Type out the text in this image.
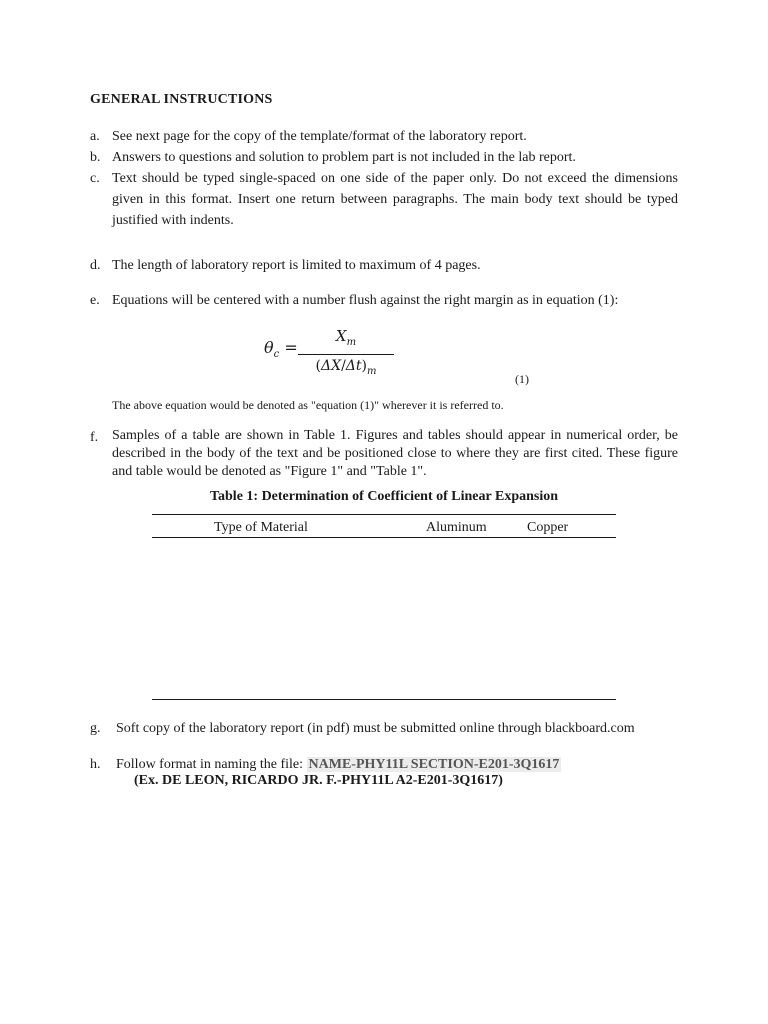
GENERAL INSTRUCTIONS
a. See next page for the copy of the template/format of the laboratory report.
b. Answers to questions and solution to problem part is not included in the lab report.
c. Text should be typed single-spaced on one side of the paper only. Do not exceed the dimensions given in this format. Insert one return between paragraphs. The main body text should be typed justified with indents.
d. The length of laboratory report is limited to maximum of 4 pages.
e. Equations will be centered with a number flush against the right margin as in equation (1):
$\theta_c$ =
$X_m$
$(\Delta X/\Delta t)_m$
(1)
The above equation would be denoted as "equation (1)" wherever it is referred to.
f. Samples of a table are shown in Table 1. Figures and tables should appear in numerical order, be described in the body of the text and be positioned close to where they are first cited. These figure and table would be denoted as "Figure 1" and "Table 1".
Table 1: Determination of Coefficient of Linear Expansion
Type of Material	Aluminum	Copper
g.	Soft copy of the laboratory report (in pdf) must be submitted online through blackboard.com
h.	Follow format in naming the file: NAME-PHY11L SECTION-E201-3Q1617
(Ex. DE LEON, RICARDO JR. F.-PHY11L A2-E201-3Q1617)
